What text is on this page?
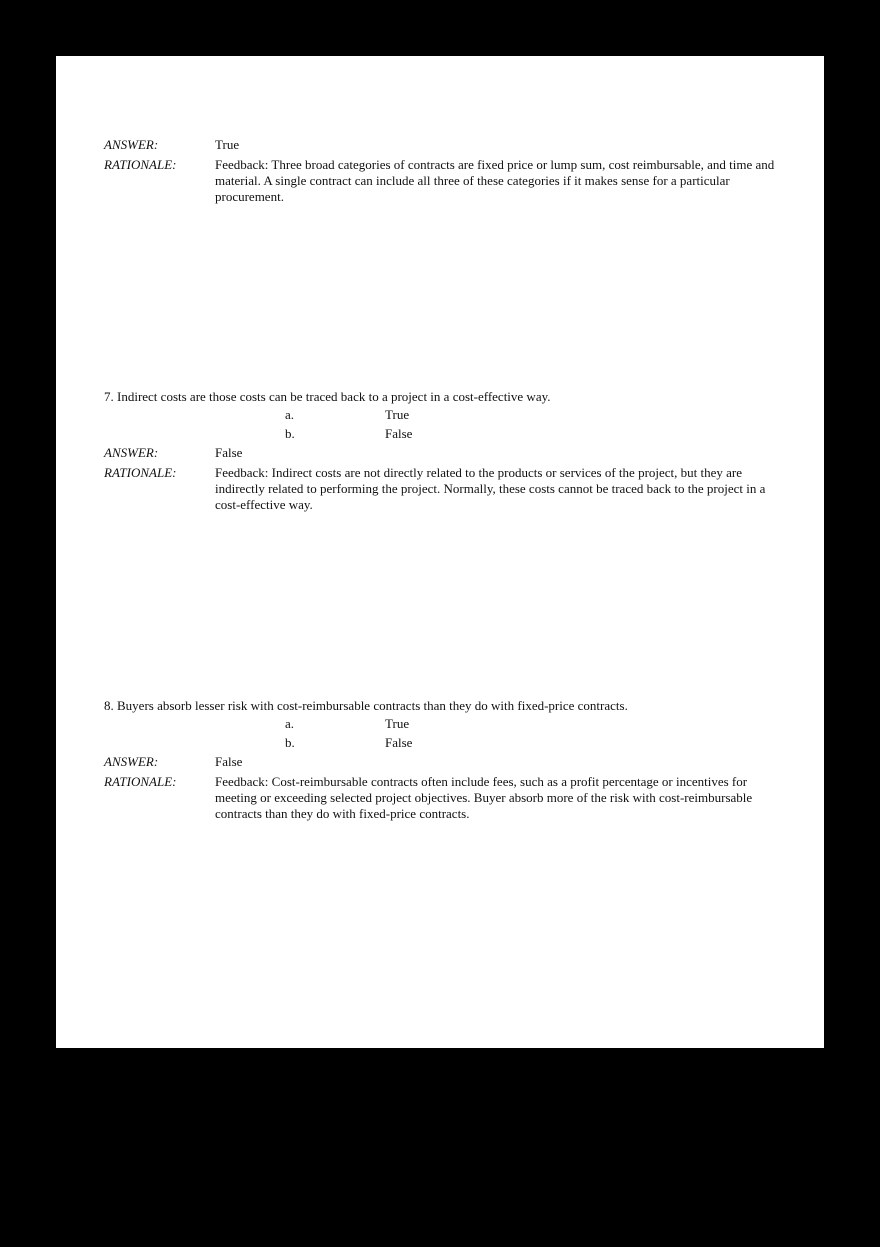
ANSWER:	True
RATIONALE:	Feedback: Three broad categories of contracts are fixed price or lump sum, cost reimbursable, and time and material. A single contract can include all three of these categories if it makes sense for a particular procurement.
7. Indirect costs are those costs can be traced back to a project in a cost-effective way.
a.	True
b.	False
ANSWER:	False
RATIONALE:	Feedback: Indirect costs are not directly related to the products or services of the project, but they are indirectly related to performing the project. Normally, these costs cannot be traced back to the project in a cost-effective way.
8. Buyers absorb lesser risk with cost-reimbursable contracts than they do with fixed-price contracts.
a.	True
b.	False
ANSWER:	False
RATIONALE:	Feedback: Cost-reimbursable contracts often include fees, such as a profit percentage or incentives for meeting or exceeding selected project objectives. Buyer absorb more of the risk with cost-reimbursable contracts than they do with fixed-price contracts.
